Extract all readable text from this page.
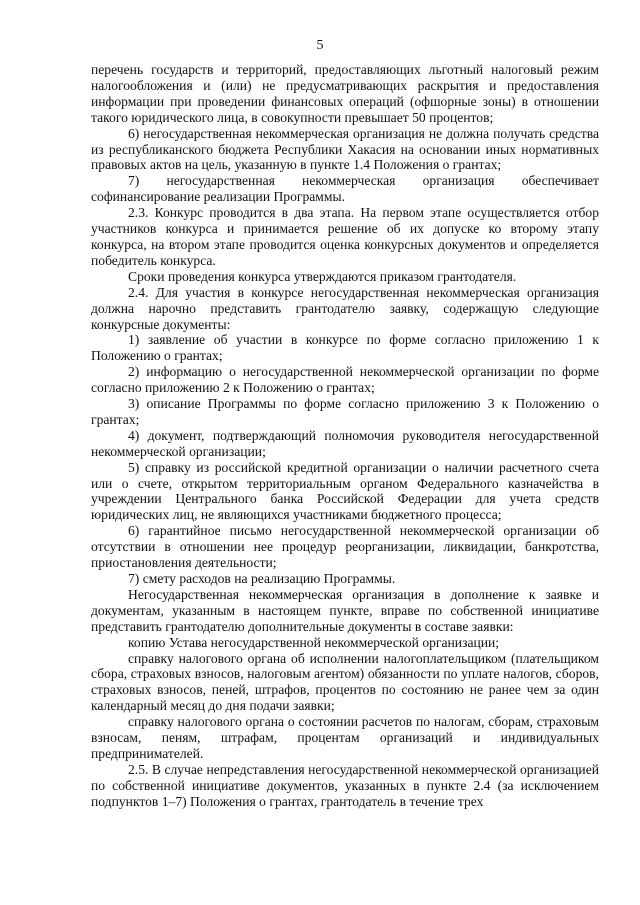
5

перечень государств и территорий, предоставляющих льготный налоговый режим налогообложения и (или) не предусматривающих раскрытия и предоставления информации при проведении финансовых операций (офшорные зоны) в отношении такого юридического лица, в совокупности превышает 50 процентов;

6) негосударственная некоммерческая организация не должна получать средства из республиканского бюджета Республики Хакасия на основании иных нормативных правовых актов на цель, указанную в пункте 1.4 Положения о грантах;

7) негосударственная некоммерческая организация обеспечивает софинансирование реализации Программы.

2.3. Конкурс проводится в два этапа. На первом этапе осуществляется отбор участников конкурса и принимается решение об их допуске ко второму этапу конкурса, на втором этапе проводится оценка конкурсных документов и определяется победитель конкурса.

Сроки проведения конкурса утверждаются приказом грантодателя.

2.4. Для участия в конкурсе негосударственная некоммерческая организация должна нарочно представить грантодателю заявку, содержащую следующие конкурсные документы:

1) заявление об участии в конкурсе по форме согласно приложению 1 к Положению о грантах;

2) информацию о негосударственной некоммерческой организации по форме согласно приложению 2 к Положению о грантах;

3) описание Программы по форме согласно приложению 3 к Положению о грантах;

4) документ, подтверждающий полномочия руководителя негосударственной некоммерческой организации;

5) справку из российской кредитной организации о наличии расчетного счета или о счете, открытом территориальным органом Федерального казначейства в учреждении Центрального банка Российской Федерации для учета средств юридических лиц, не являющихся участниками бюджетного процесса;

6) гарантийное письмо негосударственной некоммерческой организации об отсутствии в отношении нее процедур реорганизации, ликвидации, банкротства, приостановления деятельности;

7) смету расходов на реализацию Программы.

Негосударственная некоммерческая организация в дополнение к заявке и документам, указанным в настоящем пункте, вправе по собственной инициативе представить грантодателю дополнительные документы в составе заявки:

копию Устава негосударственной некоммерческой организации;

справку налогового органа об исполнении налогоплательщиком (плательщиком сбора, страховых взносов, налоговым агентом) обязанности по уплате налогов, сборов, страховых взносов, пеней, штрафов, процентов по состоянию не ранее чем за один календарный месяц до дня подачи заявки;

справку налогового органа о состоянии расчетов по налогам, сборам, страховым взносам, пеням, штрафам, процентам организаций и индивидуальных предпринимателей.

2.5. В случае непредставления негосударственной некоммерческой организацией по собственной инициативе документов, указанных в пункте 2.4 (за исключением подпунктов 1–7) Положения о грантах, грантодатель в течение трех
